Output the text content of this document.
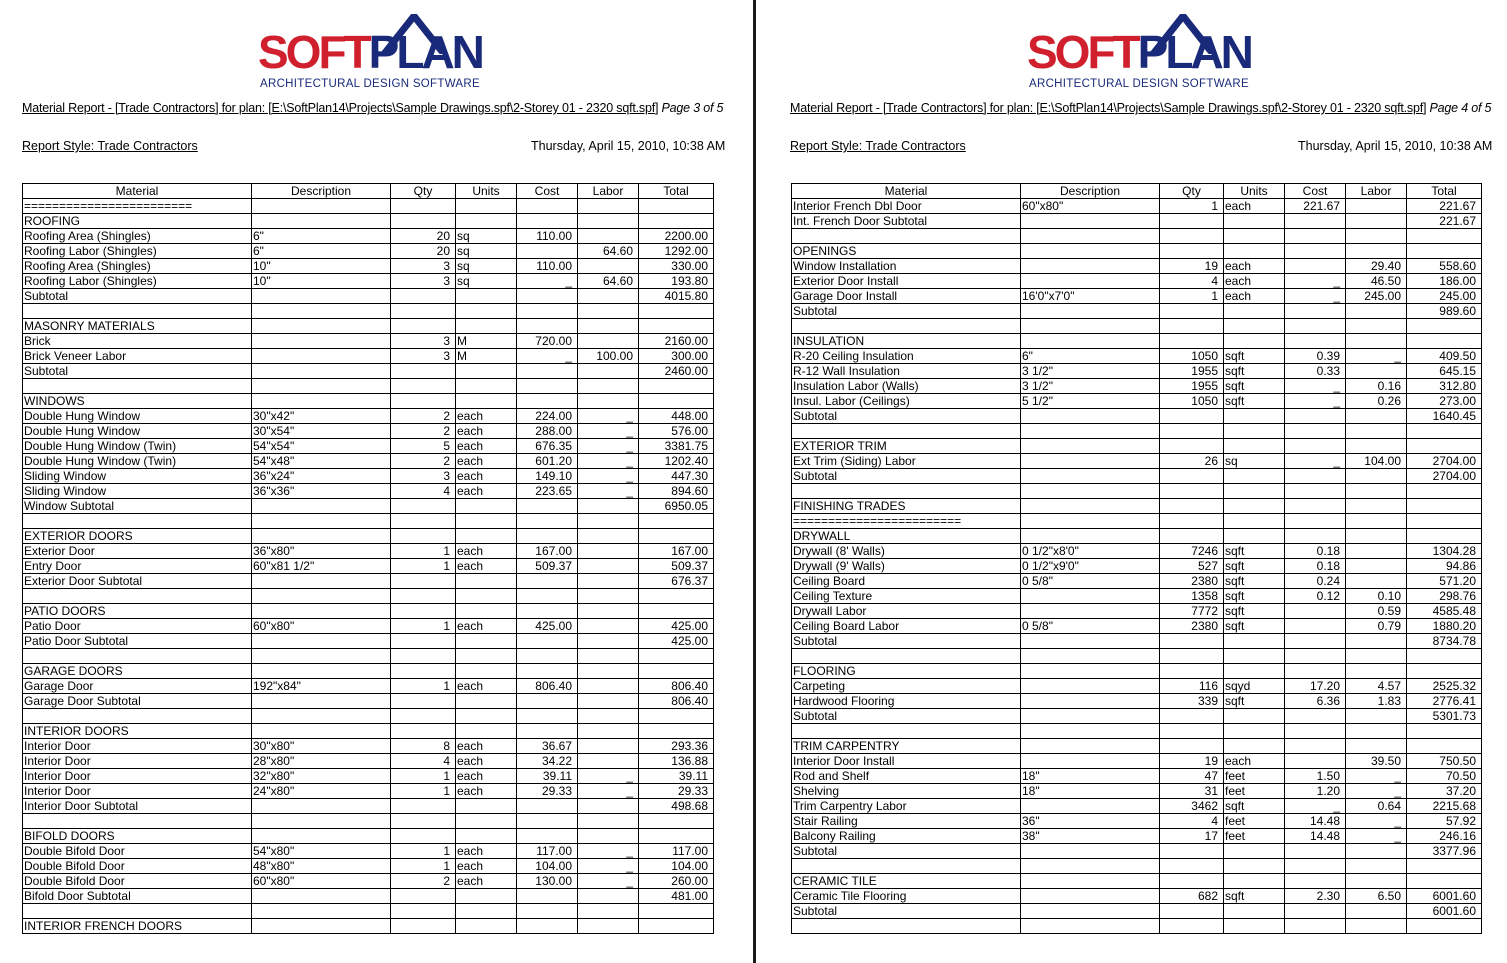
SOFTPLAN
ARCHITECTURAL DESIGN SOFTWARE
Material Report - [Trade Contractors] for plan: [E:\SoftPlan14\Projects\Sample Drawings.spf\2-Storey 01 - 2320 sqft.spf] Page 3 of 5
Report Style: Trade Contractors	Thursday, April 15, 2010, 10:38 AM
Material	Description	Qty	Units	Cost	Labor	Total
========================						
ROOFING						
Roofing Area (Shingles)	6"	20	sq	110.00		2200.00
Roofing Labor (Shingles)	6"	20	sq		64.60	1292.00
Roofing Area (Shingles)	10"	3	sq	110.00		330.00
Roofing Labor (Shingles)	10"	3	sq	_	64.60	193.80
Subtotal						4015.80

MASONRY MATERIALS						
Brick		3	M	720.00		2160.00
Brick Veneer Labor		3	M	_	100.00	300.00
Subtotal						2460.00

WINDOWS						
Double Hung Window	30"x42"	2	each	224.00	_	448.00
Double Hung Window	30"x54"	2	each	288.00	_	576.00
Double Hung Window (Twin)	54"x54"	5	each	676.35	_	3381.75
Double Hung Window (Twin)	54"x48"	2	each	601.20	_	1202.40
Sliding Window	36"x24"	3	each	149.10	_	447.30
Sliding Window	36"x36"	4	each	223.65	_	894.60
Window Subtotal						6950.05

EXTERIOR DOORS						
Exterior Door	36"x80"	1	each	167.00		167.00
Entry Door	60"x81 1/2"	1	each	509.37		509.37
Exterior Door Subtotal						676.37

PATIO DOORS						
Patio Door	60"x80"	1	each	425.00		425.00
Patio Door Subtotal						425.00

GARAGE DOORS						
Garage Door	192"x84"	1	each	806.40		806.40
Garage Door Subtotal						806.40

INTERIOR DOORS						
Interior Door	30"x80"	8	each	36.67		293.36
Interior Door	28"x80"	4	each	34.22		136.88
Interior Door	32"x80"	1	each	39.11	_	39.11
Interior Door	24"x80"	1	each	29.33	_	29.33
Interior Door Subtotal						498.68

BIFOLD DOORS						
Double Bifold Door	54"x80"	1	each	117.00	_	117.00
Double Bifold Door	48"x80"	1	each	104.00	_	104.00
Double Bifold Door	60"x80"	2	each	130.00	_	260.00
Bifold Door Subtotal						481.00

INTERIOR FRENCH DOORS						
SOFTPLAN
ARCHITECTURAL DESIGN SOFTWARE
Material Report - [Trade Contractors] for plan: [E:\SoftPlan14\Projects\Sample Drawings.spf\2-Storey 01 - 2320 sqft.spf] Page 4 of 5
Report Style: Trade Contractors	Thursday, April 15, 2010, 10:38 AM
Material	Description	Qty	Units	Cost	Labor	Total
Interior French Dbl Door	60"x80"	1	each	221.67		221.67
Int. French Door Subtotal						221.67

OPENINGS						
Window Installation		19	each		29.40	558.60
Exterior Door Install		4	each	_	46.50	186.00
Garage Door Install	16'0"x7'0"	1	each	_	245.00	245.00
Subtotal						989.60

INSULATION						
R-20 Ceiling Insulation	6"	1050	sqft	0.39	_	409.50
R-12 Wall Insulation	3 1/2"	1955	sqft	0.33		645.15
Insulation Labor (Walls)	3 1/2"	1955	sqft	_	0.16	312.80
Insul. Labor (Ceilings)	5 1/2"	1050	sqft	_	0.26	273.00
Subtotal						1640.45

EXTERIOR TRIM						
Ext Trim (Siding) Labor		26	sq	_	104.00	2704.00
Subtotal						2704.00

FINISHING TRADES						
========================						
DRYWALL						
Drywall (8' Walls)	0 1/2"x8'0"	7246	sqft	0.18		1304.28
Drywall (9' Walls)	0 1/2"x9'0"	527	sqft	0.18		94.86
Ceiling Board	0 5/8"	2380	sqft	0.24		571.20
Ceiling Texture		1358	sqft	0.12	0.10	298.76
Drywall Labor		7772	sqft		0.59	4585.48
Ceiling Board Labor	0 5/8"	2380	sqft		0.79	1880.20
Subtotal						8734.78

FLOORING						
Carpeting		116	sqyd	17.20	4.57	2525.32
Hardwood Flooring		339	sqft	6.36	1.83	2776.41
Subtotal						5301.73

TRIM CARPENTRY						
Interior Door Install		19	each		39.50	750.50
Rod and Shelf	18"	47	feet	1.50	_	70.50
Shelving	18"	31	feet	1.20	_	37.20
Trim Carpentry Labor		3462	sqft	_	0.64	2215.68
Stair Railing	36"	4	feet	14.48	_	57.92
Balcony Railing	38"	17	feet	14.48	_	246.16
Subtotal						3377.96

CERAMIC TILE						
Ceramic Tile Flooring		682	sqft	2.30	6.50	6001.60
Subtotal						6001.60
